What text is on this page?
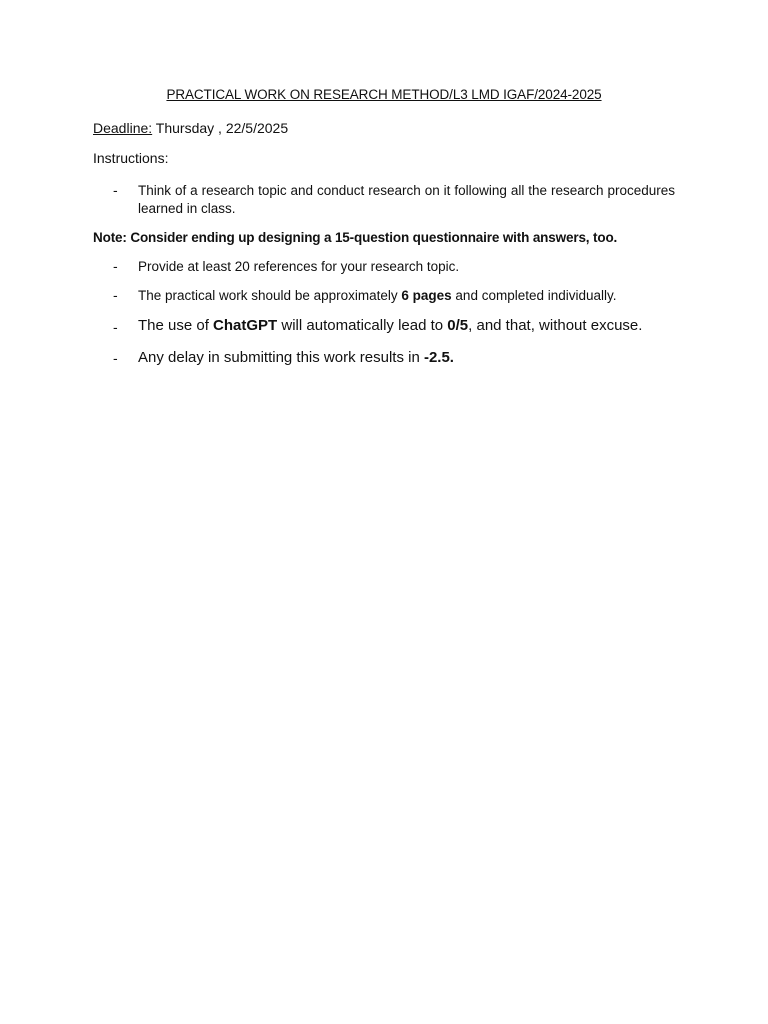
PRACTICAL WORK ON RESEARCH METHOD/L3 LMD IGAF/2024-2025
Deadline: Thursday , 22/5/2025
Instructions:
-	Think of a research topic and conduct research on it following all the research procedures learned in class.
Note: Consider ending up designing a 15-question questionnaire with answers, too.
-	Provide at least 20 references for your research topic.
-	The practical work should be approximately 6 pages and completed individually.
-	The use of ChatGPT will automatically lead to 0/5, and that, without excuse.
-	Any delay in submitting this work results in -2.5.
